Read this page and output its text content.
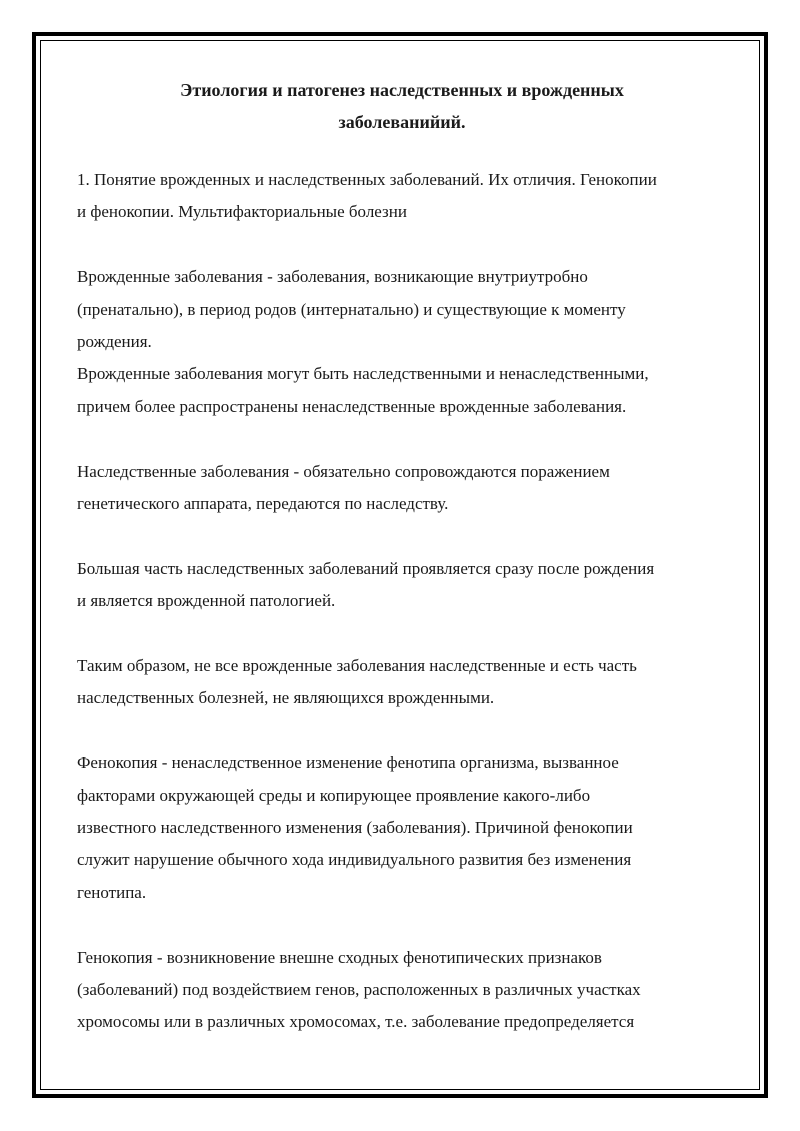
Этиология и патогенез наследственных и врожденных
заболеванийий.

1. Понятие врожденных и наследственных заболеваний. Их отличия. Генокопии
и фенокопии. Мультифакториальные болезни

Врожденные заболевания - заболевания, возникающие внутриутробно
(пренатально), в период родов (интернатально) и существующие к моменту
рождения.

Врожденные заболевания могут быть наследственными и ненаследственными,
причем более распространены ненаследственные врожденные заболевания.

Наследственные заболевания - обязательно сопровождаются поражением
генетического аппарата, передаются по наследству.

Большая часть наследственных заболеваний проявляется сразу после рождения
и является врожденной патологией.

Таким образом, не все врожденные заболевания наследственные и есть часть
наследственных болезней, не являющихся врожденными.

Фенокопия - ненаследственное изменение фенотипа организма, вызванное
факторами окружающей среды и копирующее проявление какого-либо
известного наследственного изменения (заболевания). Причиной фенокопии
служит нарушение обычного хода индивидуального развития без изменения
генотипа.

Генокопия - возникновение внешне сходных фенотипических признаков
(заболеваний) под воздействием генов, расположенных в различных участках
хромосомы или в различных хромосомах, т.е. заболевание предопределяется
